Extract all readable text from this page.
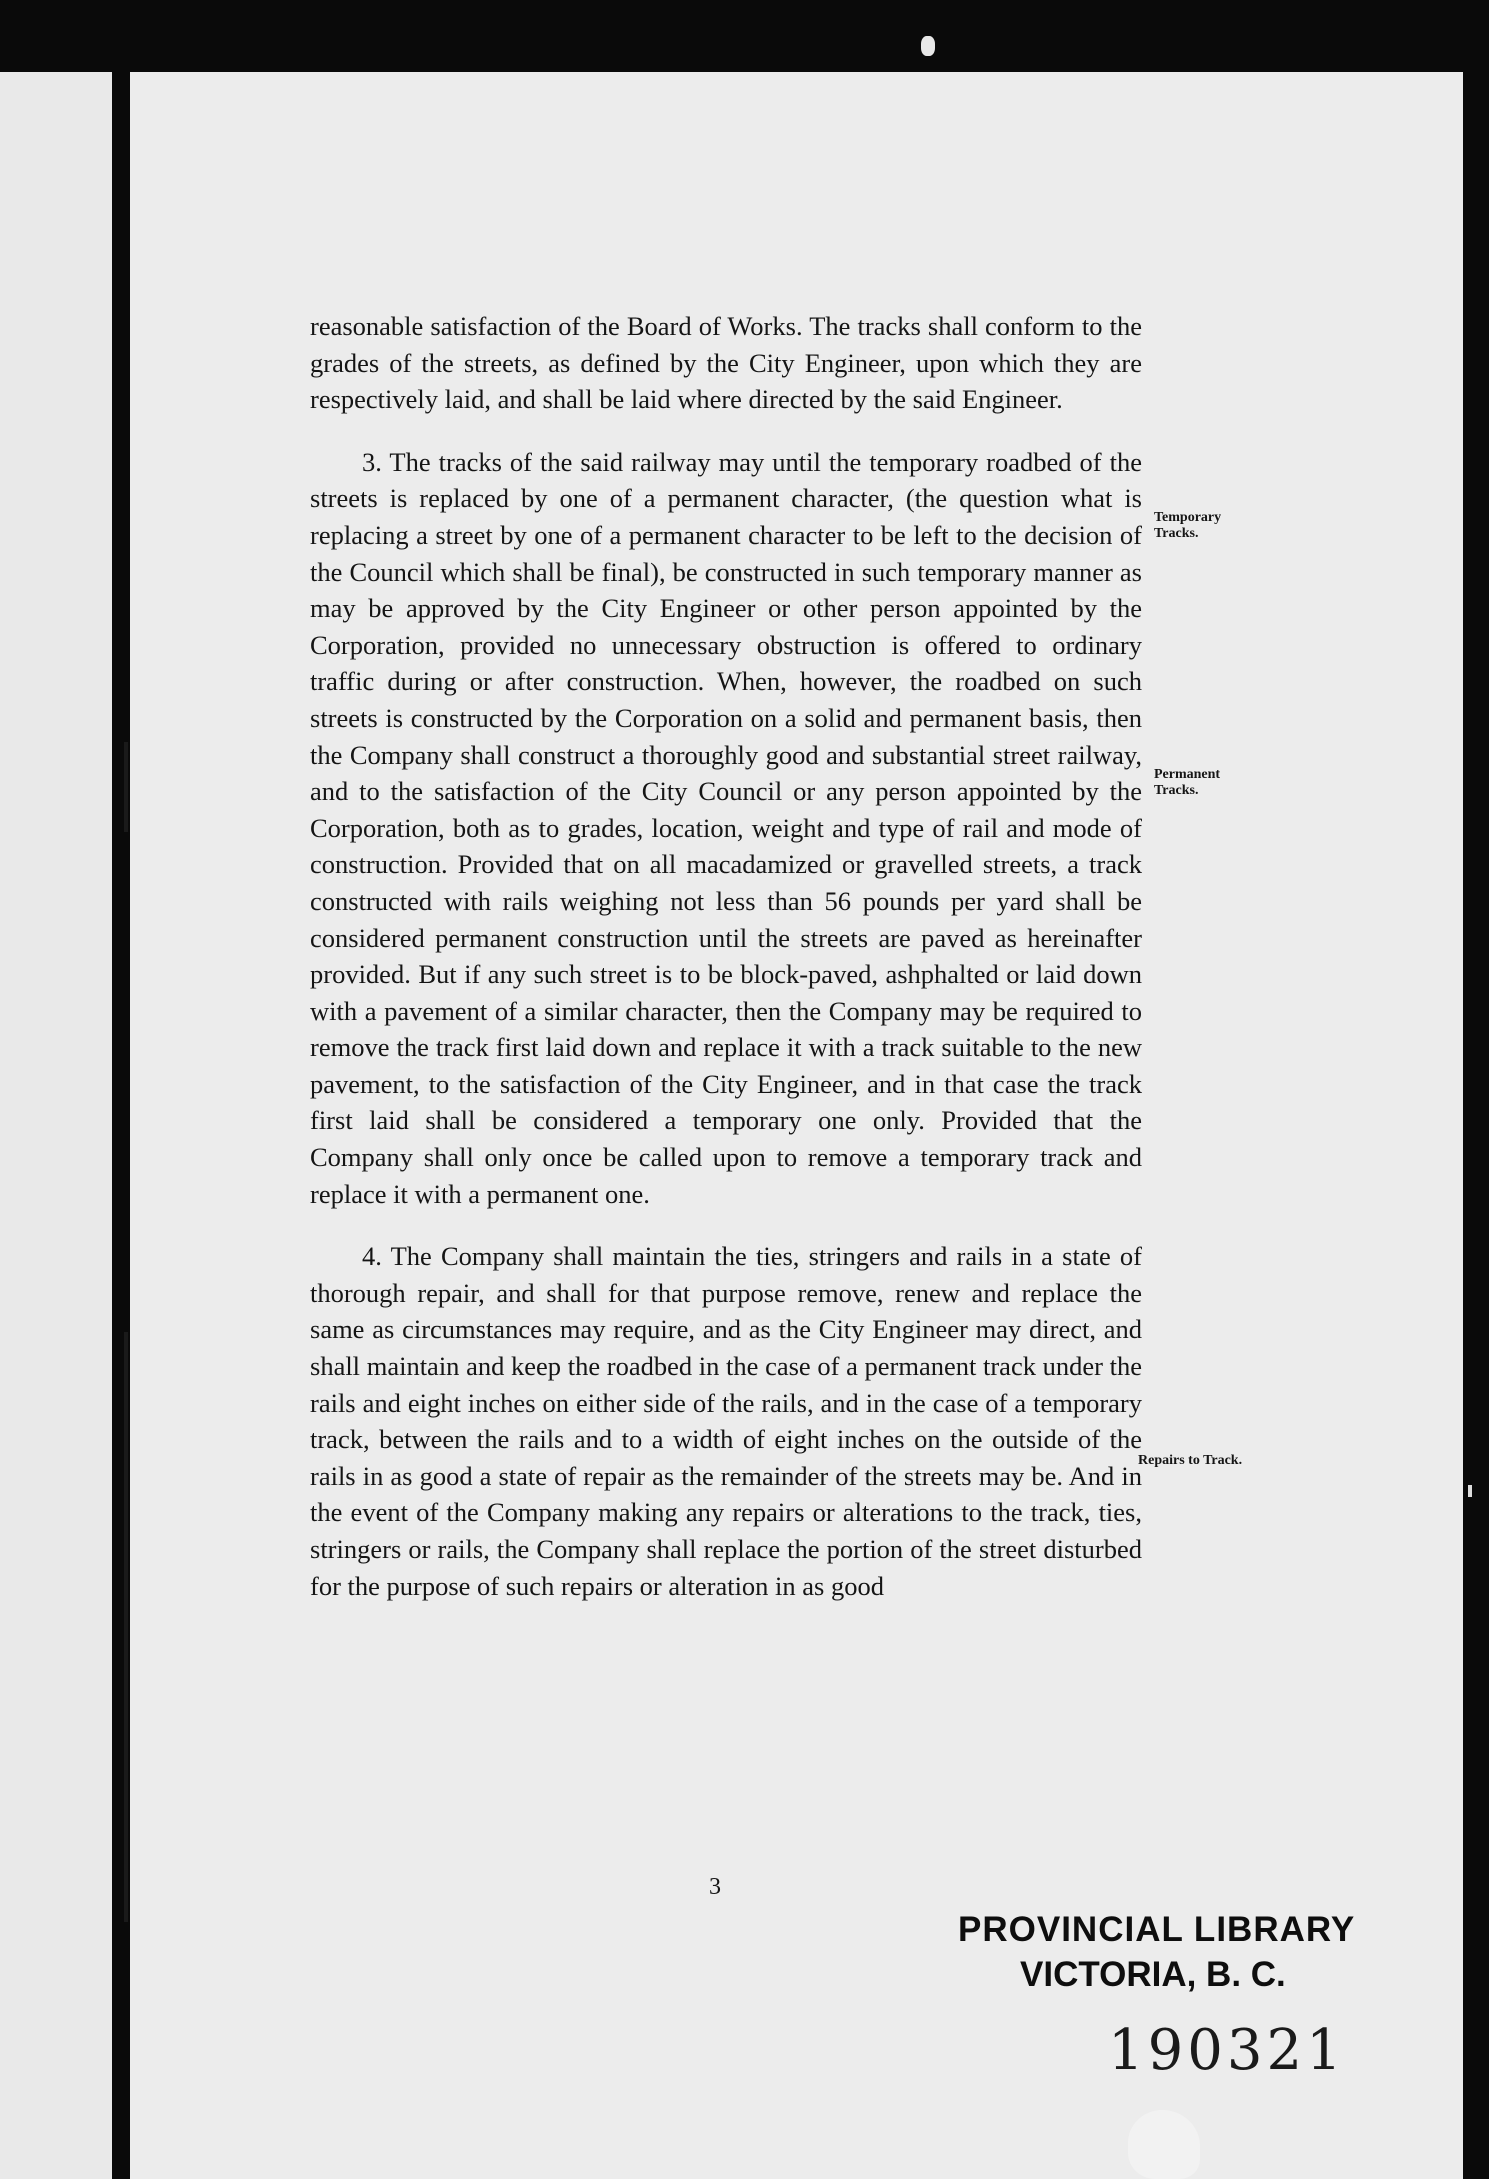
reasonable satisfaction of the Board of Works. The tracks shall conform to the grades of the streets, as defined by the City Engineer, upon which they are respectively laid, and shall be laid where directed by the said Engineer.

3. The tracks of the said railway may until the temporary roadbed of the streets is replaced by one of a permanent character, (the question what is replacing a street by one of a permanent character to be left to the decision of the Council which shall be final), be constructed in such temporary manner as may be approved by the City Engineer or other person appointed by the Corporation, provided no unnecessary obstruction is offered to ordinary traffic during or after construction. When, however, the roadbed on such streets is constructed by the Corporation on a solid and permanent basis, then the Company shall construct a thoroughly good and substantial street railway, and to the satisfaction of the City Council or any person appointed by the Corporation, both as to grades, location, weight and type of rail and mode of construction. Provided that on all macadamized or gravelled streets, a track constructed with rails weighing not less than 56 pounds per yard shall be considered permanent construction until the streets are paved as hereinafter provided. But if any such street is to be block-paved, ashphalted or laid down with a pavement of a similar character, then the Company may be required to remove the track first laid down and replace it with a track suitable to the new pavement, to the satisfaction of the City Engineer, and in that case the track first laid shall be considered a temporary one only. Provided that the Company shall only once be called upon to remove a temporary track and replace it with a permanent one.

4. The Company shall maintain the ties, stringers and rails in a state of thorough repair, and shall for that purpose remove, renew and replace the same as circumstances may require, and as the City Engineer may direct, and shall maintain and keep the roadbed in the case of a permanent track under the rails and eight inches on either side of the rails, and in the case of a temporary track, between the rails and to a width of eight inches on the outside of the rails in as good a state of repair as the remainder of the streets may be. And in the event of the Company making any repairs or alterations to the track, ties, stringers or rails, the Company shall replace the portion of the street disturbed for the purpose of such repairs or alteration in as good

Temporary Tracks.
Permanent Tracks.
Repairs to Track.
3
PROVINCIAL LIBRARY
VICTORIA, B. C.
190321
